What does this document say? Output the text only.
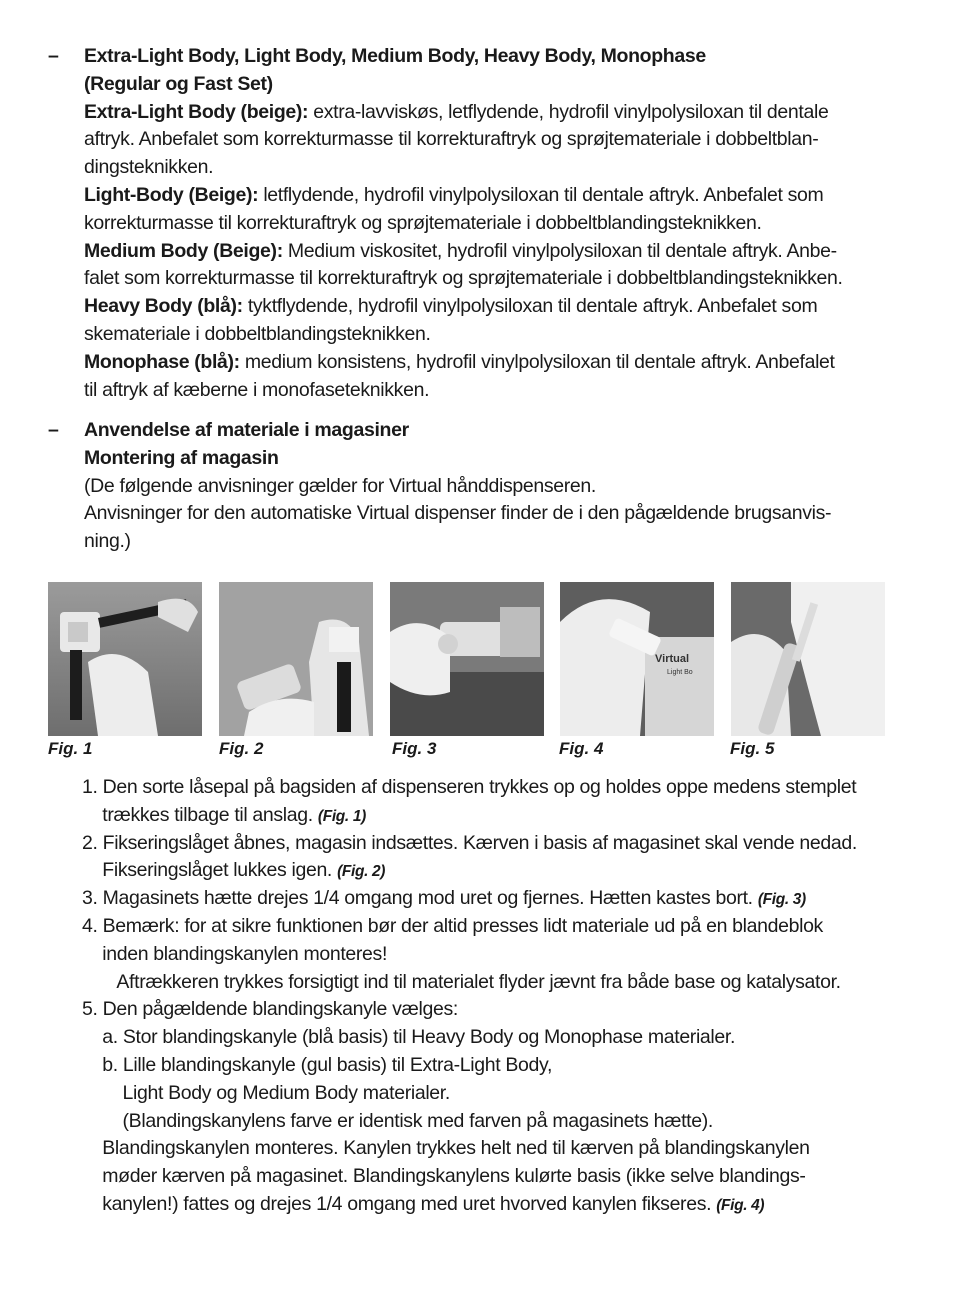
–	Extra-Light Body, Light Body, Medium Body, Heavy Body, Monophase
(Regular og Fast Set)
Extra-Light Body (beige): extra-lavviskøs, letflydende, hydrofil vinylpolysiloxan til dentale
aftryk. Anbefalet som korrekturmasse til korrekturaftryk og sprøjtemateriale i dobbeltblan-
dingsteknikken.
Light-Body (Beige): letflydende, hydrofil vinylpolysiloxan til dentale aftryk. Anbefalet som
korrekturmasse til korrekturaftryk og sprøjtemateriale i dobbeltblandingsteknikken.
Medium Body (Beige): Medium viskositet, hydrofil vinylpolysiloxan til dentale aftryk. Anbe-
falet som korrekturmasse til korrekturaftryk og sprøjtemateriale i dobbeltblandingsteknikken.
Heavy Body (blå): tyktflydende, hydrofil vinylpolysiloxan til dentale aftryk. Anbefalet som
skemateriale i dobbeltblandingsteknikken.
Monophase (blå): medium konsistens, hydrofil vinylpolysiloxan til dentale aftryk. Anbefalet
til aftryk af kæberne i monofaseteknikken.
–	Anvendelse af materiale i magasiner
Montering af magasin
(De følgende anvisninger gælder for Virtual hånddispenseren.
Anvisninger for den automatiske Virtual dispenser finder de i den pågældende brugsanvis-
ning.)
Fig. 1	Fig. 2	Fig. 3
Virtual
Light Bo
Fig. 4	Fig. 5
1. Den sorte låsepal på bagsiden af dispenseren trykkes op og holdes oppe medens stemplet
trækkes tilbage til anslag. (Fig. 1)
2. Fikseringslåget åbnes, magasin indsættes. Kærven i basis af magasinet skal vende nedad.
Fikseringslåget lukkes igen. (Fig. 2)
3. Magasinets hætte drejes 1/4 omgang mod uret og fjernes. Hætten kastes bort. (Fig. 3)
4. Bemærk: for at sikre funktionen bør der altid presses lidt materiale ud på en blandeblok
inden blandingskanylen monteres!
Aftrækkeren trykkes forsigtigt ind til materialet flyder jævnt fra både base og katalysator.
5. Den pågældende blandingskanyle vælges:
a. Stor blandingskanyle (blå basis) til Heavy Body og Monophase materialer.
b. Lille blandingskanyle (gul basis) til Extra-Light Body,
Light Body og Medium Body materialer.
(Blandingskanylens farve er identisk med farven på magasinets hætte).
Blandingskanylen monteres. Kanylen trykkes helt ned til kærven på blandingskanylen
møder kærven på magasinet. Blandingskanylens kulørte basis (ikke selve blandings-
kanylen!) fattes og drejes 1/4 omgang med uret hvorved kanylen fikseres. (Fig. 4)
